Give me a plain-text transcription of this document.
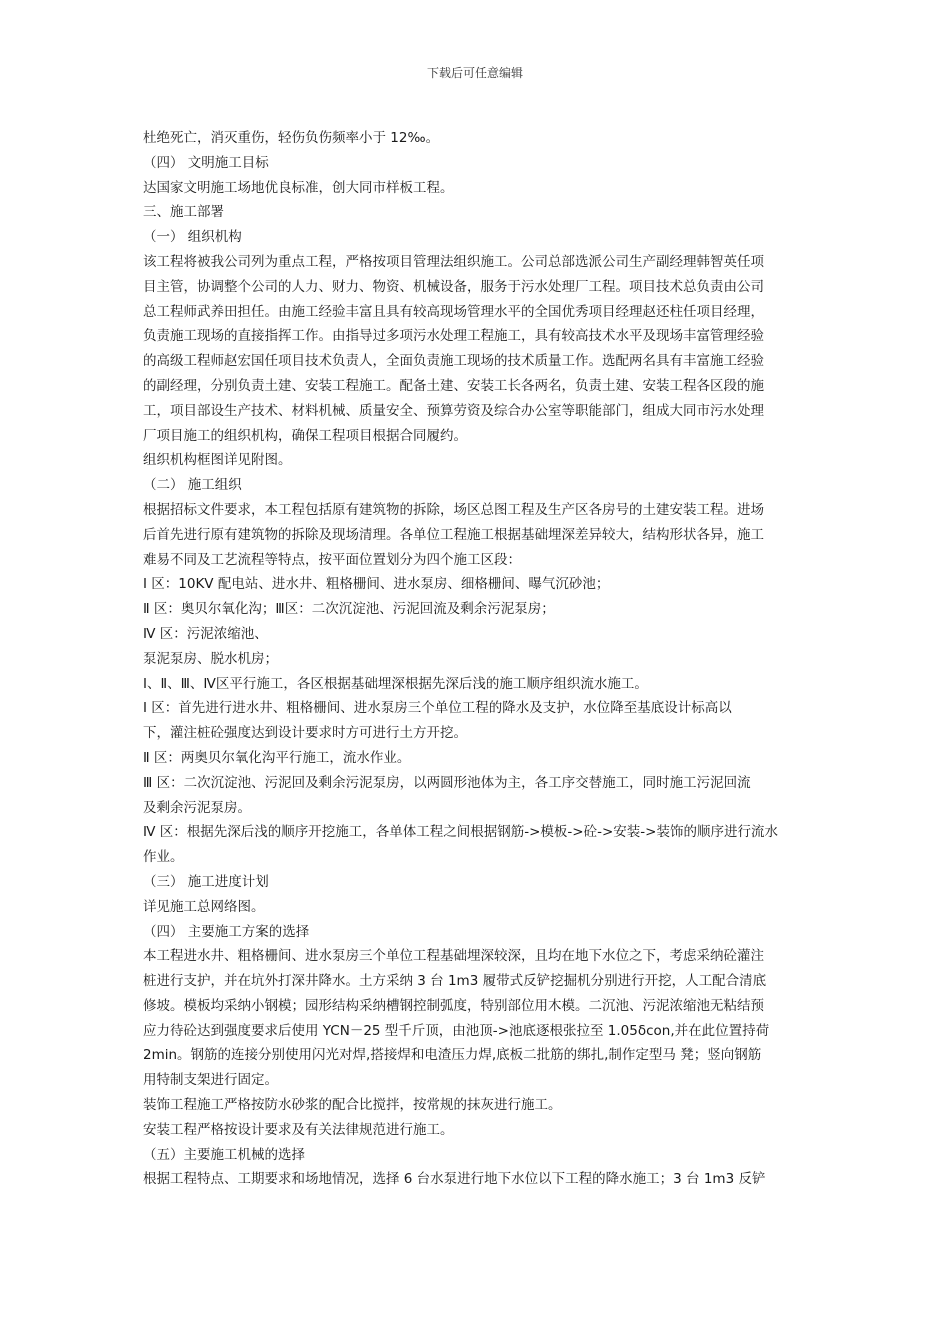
下载后可任意编辑
杜绝死亡，消灭重伤，轻伤负伤频率小于 12‰。
（四） 文明施工目标
达国家文明施工场地优良标准，创大同市样板工程。
三、施工部署
（一） 组织机构
该工程将被我公司列为重点工程，严格按项目管理法组织施工。公司总部选派公司生产副经理韩智英任项
目主管，协调整个公司的人力、财力、物资、机械设备，服务于污水处理厂工程。项目技术总负责由公司
总工程师武养田担任。由施工经验丰富且具有较高现场管理水平的全国优秀项目经理赵还柱任项目经理，
负责施工现场的直接指挥工作。由指导过多项污水处理工程施工，具有较高技术水平及现场丰富管理经验
的高级工程师赵宏国任项目技术负责人，全面负责施工现场的技术质量工作。选配两名具有丰富施工经验
的副经理，分别负责土建、安装工程施工。配备土建、安装工长各两名，负责土建、安装工程各区段的施
工，项目部设生产技术、材料机械、质量安全、预算劳资及综合办公室等职能部门，组成大同市污水处理
厂项目施工的组织机构，确保工程项目根据合同履约。
组织机构框图详见附图。
（二） 施工组织
根据招标文件要求，本工程包括原有建筑物的拆除，场区总图工程及生产区各房号的土建安装工程。进场
后首先进行原有建筑物的拆除及现场清理。各单位工程施工根据基础埋深差异较大，结构形状各异，施工
难易不同及工艺流程等特点，按平面位置划分为四个施工区段：
Ⅰ 区：10KV 配电站、进水井、粗格栅间、进水泵房、细格栅间、曝气沉砂池；
Ⅱ 区：奥贝尔氧化沟；Ⅲ区：二次沉淀池、污泥回流及剩余污泥泵房；
Ⅳ 区：污泥浓缩池、
泵泥泵房、脱水机房；
Ⅰ、Ⅱ、Ⅲ、Ⅳ区平行施工，各区根据基础埋深根据先深后浅的施工顺序组织流水施工。
Ⅰ 区：首先进行进水井、粗格栅间、进水泵房三个单位工程的降水及支护，水位降至基底设计标高以
下，灌注桩砼强度达到设计要求时方可进行土方开挖。
Ⅱ 区：两奥贝尔氧化沟平行施工，流水作业。
Ⅲ 区：二次沉淀池、污泥回及剩余污泥泵房，以两圆形池体为主，各工序交替施工，同时施工污泥回流
及剩余污泥泵房。
Ⅳ 区：根据先深后浅的顺序开挖施工，各单体工程之间根据钢筋->模板->砼->安装->装饰的顺序进行流水
作业。
（三） 施工进度计划
详见施工总网络图。
（四） 主要施工方案的选择
本工程进水井、粗格栅间、进水泵房三个单位工程基础埋深较深，且均在地下水位之下，考虑采纳砼灌注
桩进行支护，并在坑外打深井降水。土方采纳 3 台 1m3 履带式反铲挖掘机分别进行开挖，人工配合清底
修坡。模板均采纳小钢模；园形结构采纳槽钢控制弧度，特别部位用木模。二沉池、污泥浓缩池无粘结预
应力待砼达到强度要求后使用 YCN－25 型千斤顶，由池顶->池底逐根张拉至 1.05δcon,并在此位置持荷
2min。钢筋的连接分别使用闪光对焊,搭接焊和电渣压力焊,底板二批筋的绑扎,制作定型马 凳；竖向钢筋
用特制支架进行固定。
装饰工程施工严格按防水砂浆的配合比搅拌，按常规的抹灰进行施工。
安装工程严格按设计要求及有关法律规范进行施工。
（五）主要施工机械的选择
根据工程特点、工期要求和场地情况，选择 6 台水泵进行地下水位以下工程的降水施工；3 台 1m3 反铲
